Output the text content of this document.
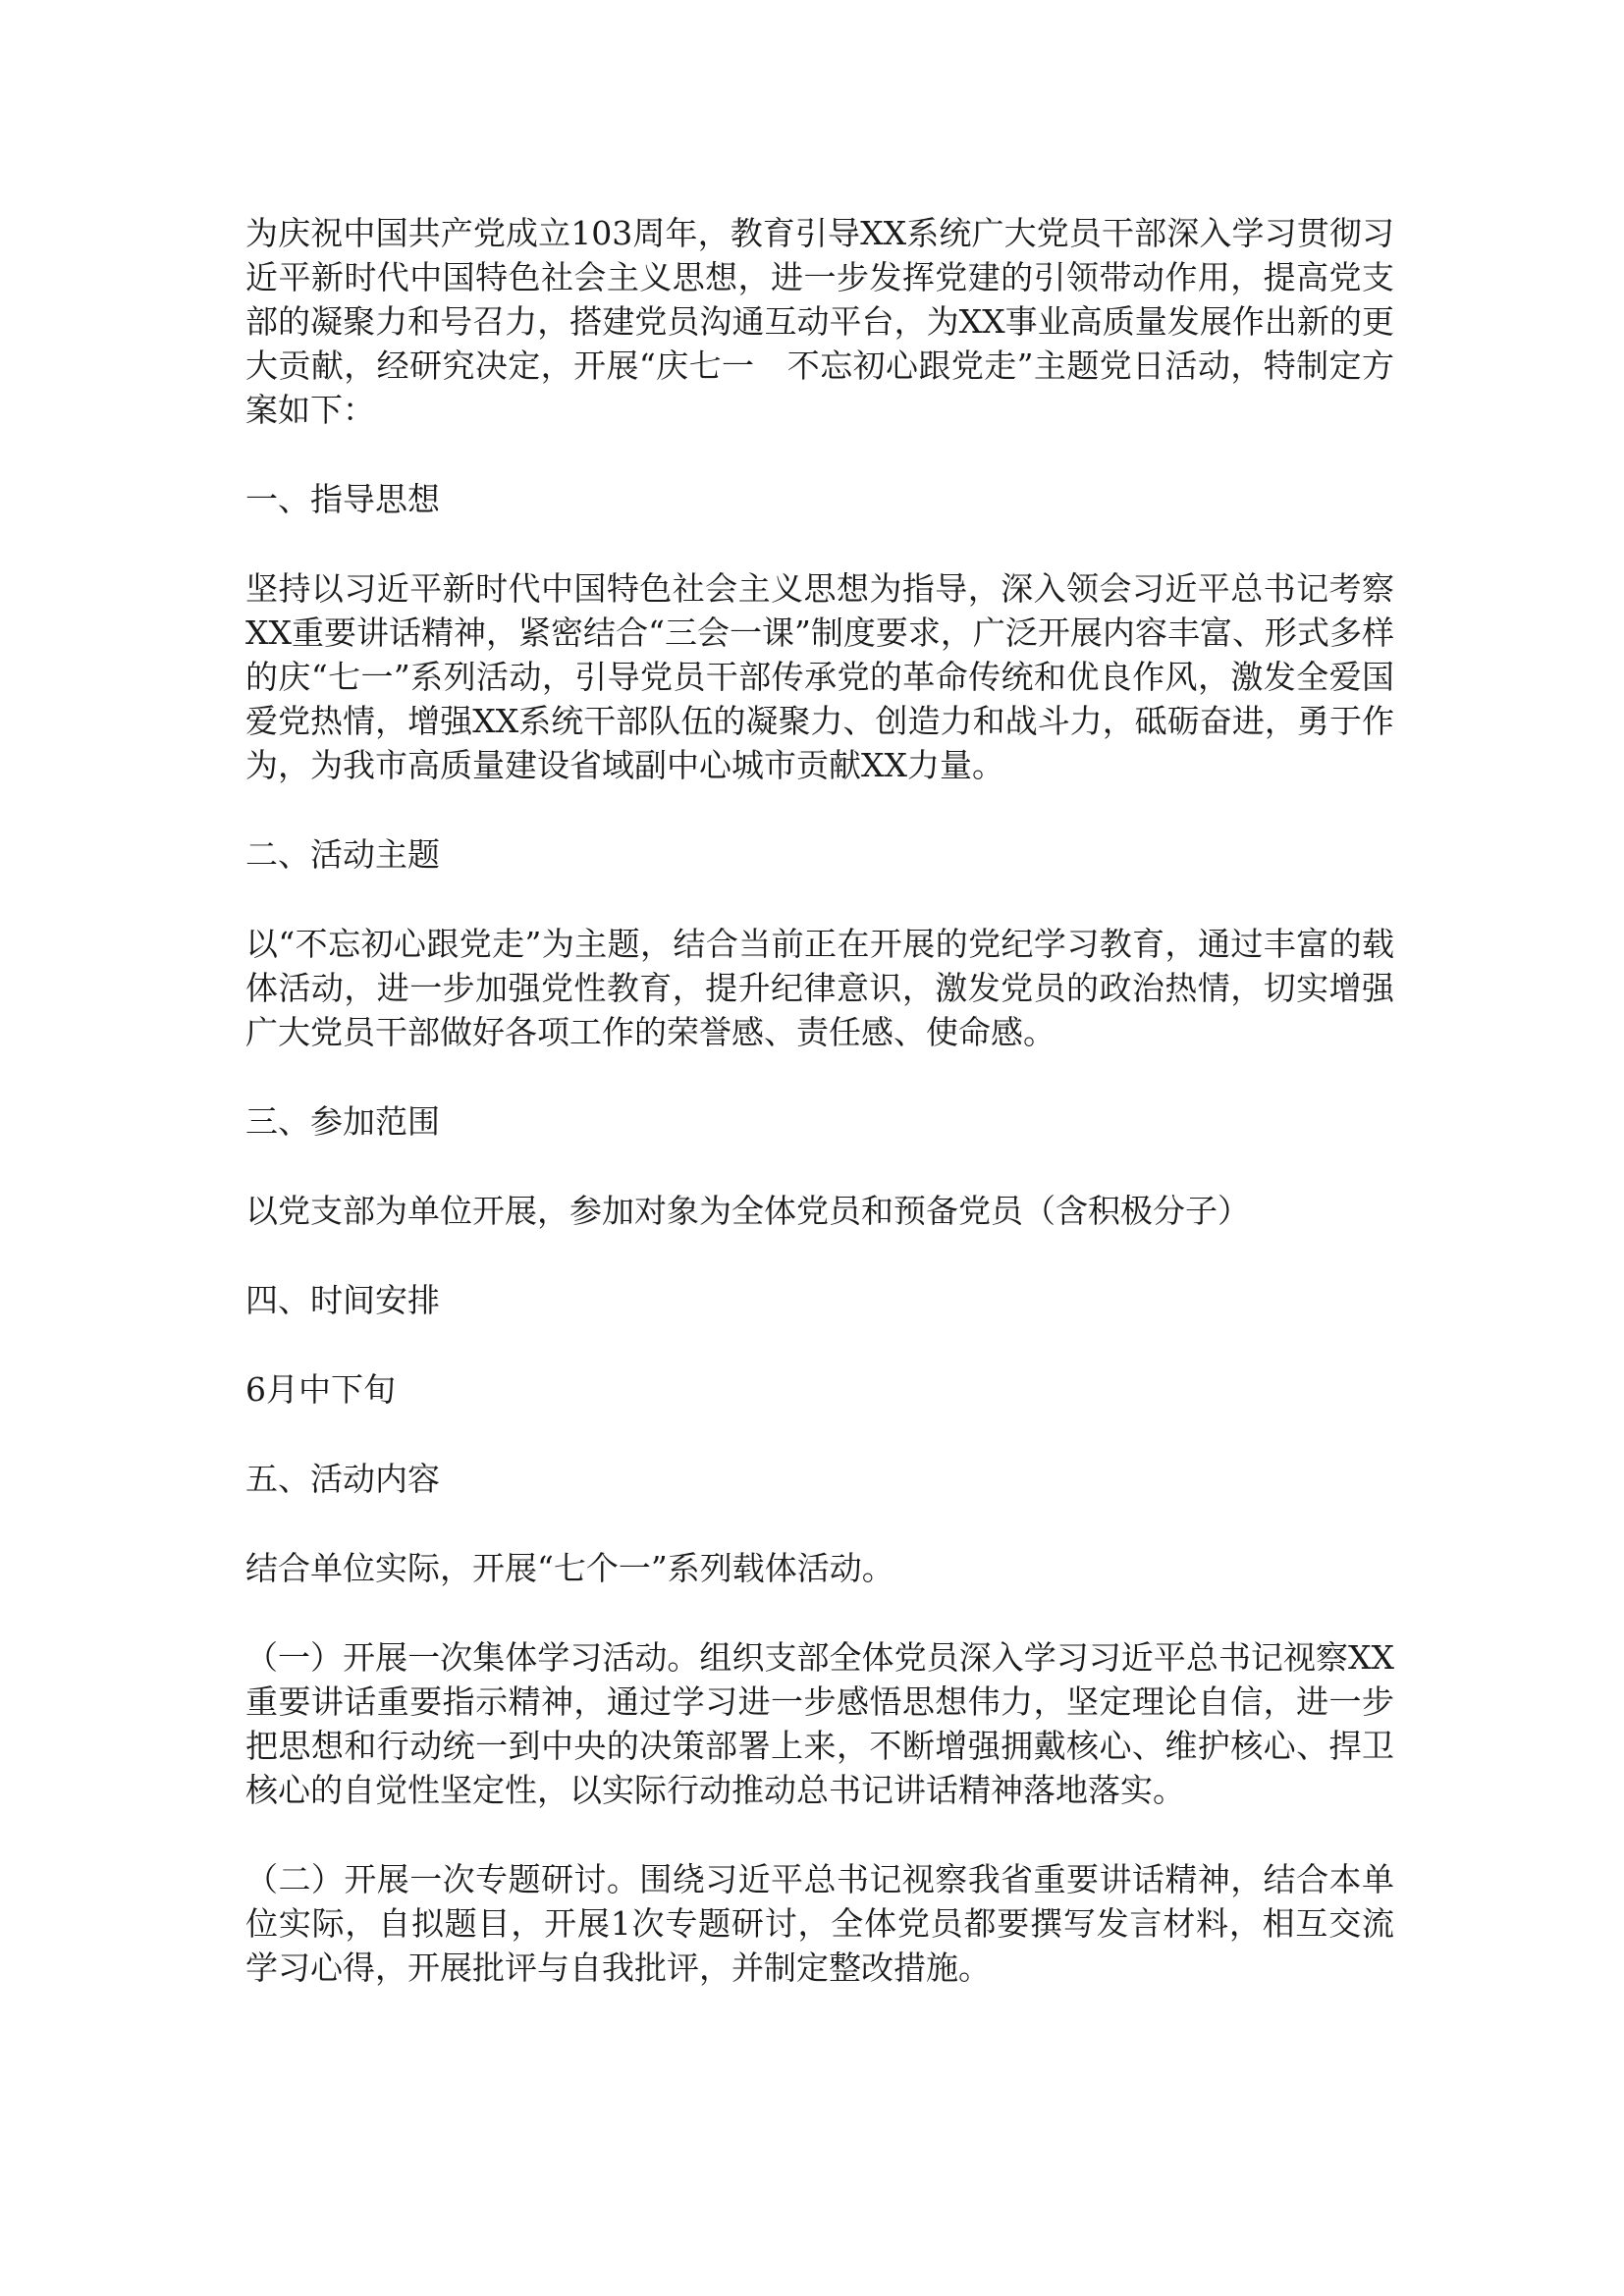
为庆祝中国共产党成立103周年，教育引导XX系统广大党员干部深入学习贯彻习近平新时代中国特色社会主义思想，进一步发挥党建的引领带动作用，提高党支部的凝聚力和号召力，搭建党员沟通互动平台，为XX事业高质量发展作出新的更大贡献，经研究决定，开展“庆七一　不忘初心跟党走”主题党日活动，特制定方案如下：

一、指导思想

坚持以习近平新时代中国特色社会主义思想为指导，深入领会习近平总书记考察XX重要讲话精神，紧密结合“三会一课”制度要求，广泛开展内容丰富、形式多样的庆“七一”系列活动，引导党员干部传承党的革命传统和优良作风，激发全爱国爱党热情，增强XX系统干部队伍的凝聚力、创造力和战斗力，砥砺奋进，勇于作为，为我市高质量建设省域副中心城市贡献XX力量。

二、活动主题

以“不忘初心跟党走”为主题，结合当前正在开展的党纪学习教育，通过丰富的载体活动，进一步加强党性教育，提升纪律意识，激发党员的政治热情，切实增强广大党员干部做好各项工作的荣誉感、责任感、使命感。

三、参加范围

以党支部为单位开展，参加对象为全体党员和预备党员（含积极分子）

四、时间安排

6月中下旬

五、活动内容

结合单位实际，开展“七个一”系列载体活动。

（一）开展一次集体学习活动。组织支部全体党员深入学习习近平总书记视察XX重要讲话重要指示精神，通过学习进一步感悟思想伟力，坚定理论自信，进一步把思想和行动统一到中央的决策部署上来，不断增强拥戴核心、维护核心、捍卫核心的自觉性坚定性，以实际行动推动总书记讲话精神落地落实。

（二）开展一次专题研讨。围绕习近平总书记视察我省重要讲话精神，结合本单位实际，自拟题目，开展1次专题研讨，全体党员都要撰写发言材料，相互交流学习心得，开展批评与自我批评，并制定整改措施。
